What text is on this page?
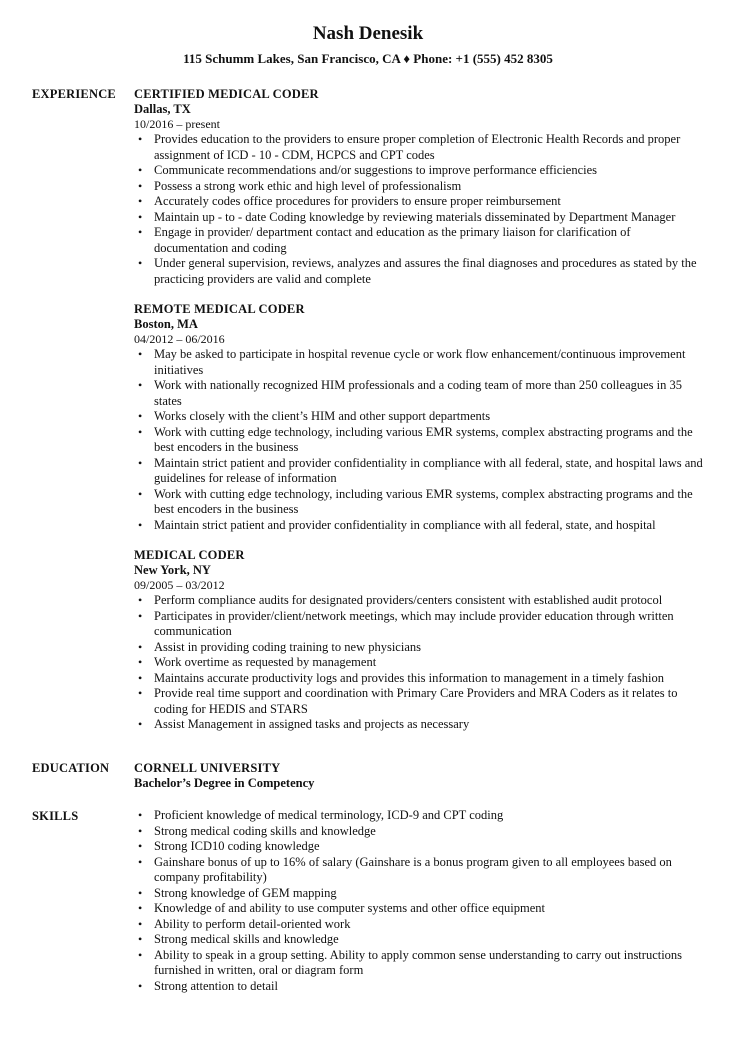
Nash Denesik
115 Schumm Lakes, San Francisco, CA ♦ Phone: +1 (555) 452 8305
EXPERIENCE CERTIFIED MEDICAL CODER
Dallas, TX
10/2016 – present
• Provides education to the providers to ensure proper completion of Electronic Health Records and proper assignment of ICD - 10 - CDM, HCPCS and CPT codes
• Communicate recommendations and/or suggestions to improve performance efficiencies
• Possess a strong work ethic and high level of professionalism
• Accurately codes office procedures for providers to ensure proper reimbursement
• Maintain up - to - date Coding knowledge by reviewing materials disseminated by Department Manager
• Engage in provider/ department contact and education as the primary liaison for clarification of documentation and coding
• Under general supervision, reviews, analyzes and assures the final diagnoses and procedures as stated by the practicing providers are valid and complete
REMOTE MEDICAL CODER
Boston, MA
04/2012 – 06/2016
• May be asked to participate in hospital revenue cycle or work flow enhancement/continuous improvement initiatives
• Work with nationally recognized HIM professionals and a coding team of more than 250 colleagues in 35 states
• Works closely with the client’s HIM and other support departments
• Work with cutting edge technology, including various EMR systems, complex abstracting programs and the best encoders in the business
• Maintain strict patient and provider confidentiality in compliance with all federal, state, and hospital laws and guidelines for release of information
• Work with cutting edge technology, including various EMR systems, complex abstracting programs and the best encoders in the business
• Maintain strict patient and provider confidentiality in compliance with all federal, state, and hospital
MEDICAL CODER
New York, NY
09/2005 – 03/2012
• Perform compliance audits for designated providers/centers consistent with established audit protocol
• Participates in provider/client/network meetings, which may include provider education through written communication
• Assist in providing coding training to new physicians
• Work overtime as requested by management
• Maintains accurate productivity logs and provides this information to management in a timely fashion
• Provide real time support and coordination with Primary Care Providers and MRA Coders as it relates to coding for HEDIS and STARS
• Assist Management in assigned tasks and projects as necessary
EDUCATION CORNELL UNIVERSITY
Bachelor’s Degree in Competency
SKILLS
•	Proficient knowledge of medical terminology, ICD-9 and CPT coding
• Strong medical coding skills and knowledge
• Strong ICD10 coding knowledge
• Gainshare bonus of up to 16% of salary (Gainshare is a bonus program given to all employees based on company profitability)
• Strong knowledge of GEM mapping
• Knowledge of and ability to use computer systems and other office equipment
• Ability to perform detail-oriented work
• Strong medical skills and knowledge
• Ability to speak in a group setting. Ability to apply common sense understanding to carry out instructions furnished in written, oral or diagram form
• Strong attention to detail
